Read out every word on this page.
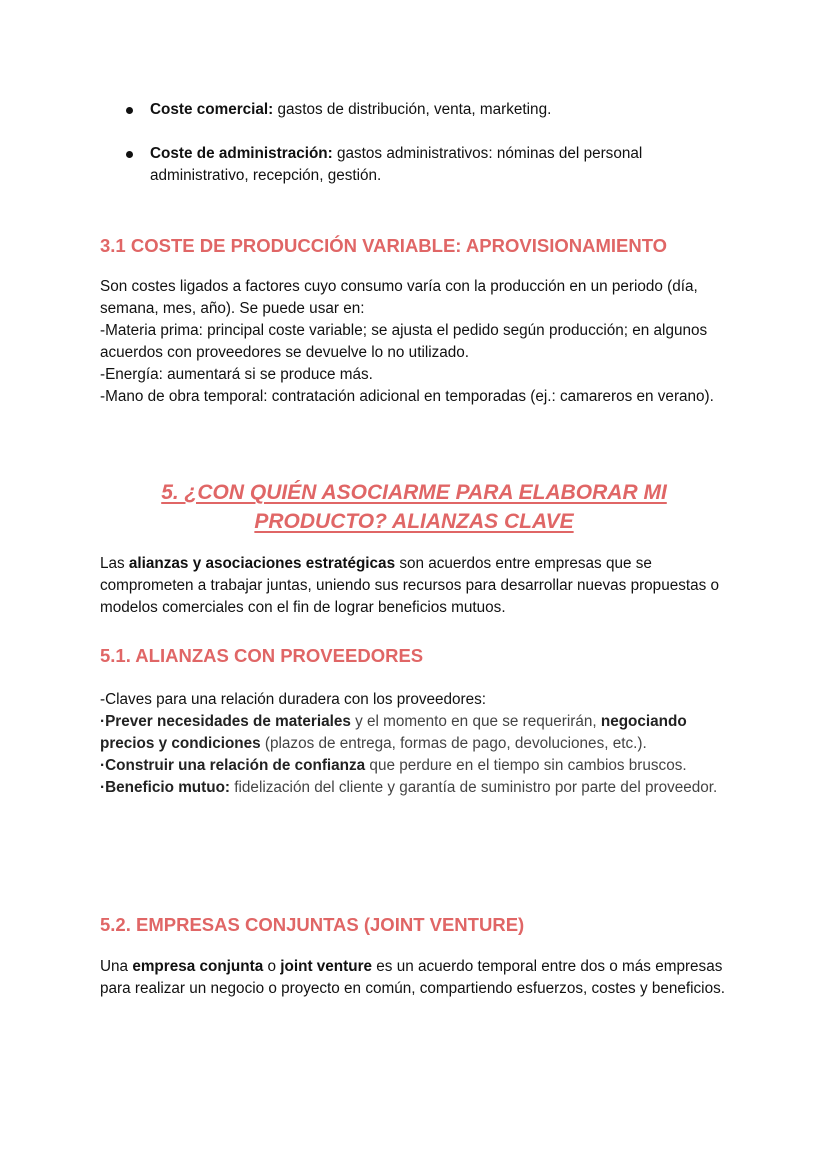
Coste comercial: gastos de distribución, venta, marketing.
Coste de administración: gastos administrativos: nóminas del personal administrativo, recepción, gestión.
3.1 COSTE DE PRODUCCIÓN VARIABLE: APROVISIONAMIENTO

Son costes ligados a factores cuyo consumo varía con la producción en un periodo (día, semana, mes, año). Se puede usar en:

-Materia prima: principal coste variable; se ajusta el pedido según producción; en algunos acuerdos con proveedores se devuelve lo no utilizado.

-Energía: aumentará si se produce más.

-Mano de obra temporal: contratación adicional en temporadas (ej.: camareros en verano).

5. ¿CON QUIÉN ASOCIARME PARA ELABORAR MI
PRODUCTO? ALIANZAS CLAVE

Las alianzas y asociaciones estratégicas son acuerdos entre empresas que se comprometen a trabajar juntas, uniendo sus recursos para desarrollar nuevas propuestas o modelos comerciales con el fin de lograr beneficios mutuos.

5.1. ALIANZAS CON PROVEEDORES

-Claves para una relación duradera con los proveedores:

·Prever necesidades de materiales y el momento en que se requerirán, negociando precios y condiciones (plazos de entrega, formas de pago, devoluciones, etc.).

·Construir una relación de confianza que perdure en el tiempo sin cambios bruscos.

·Beneficio mutuo: fidelización del cliente y garantía de suministro por parte del proveedor.

5.2. EMPRESAS CONJUNTAS (JOINT VENTURE)

Una empresa conjunta o joint venture es un acuerdo temporal entre dos o más empresas para realizar un negocio o proyecto en común, compartiendo esfuerzos, costes y beneficios.
